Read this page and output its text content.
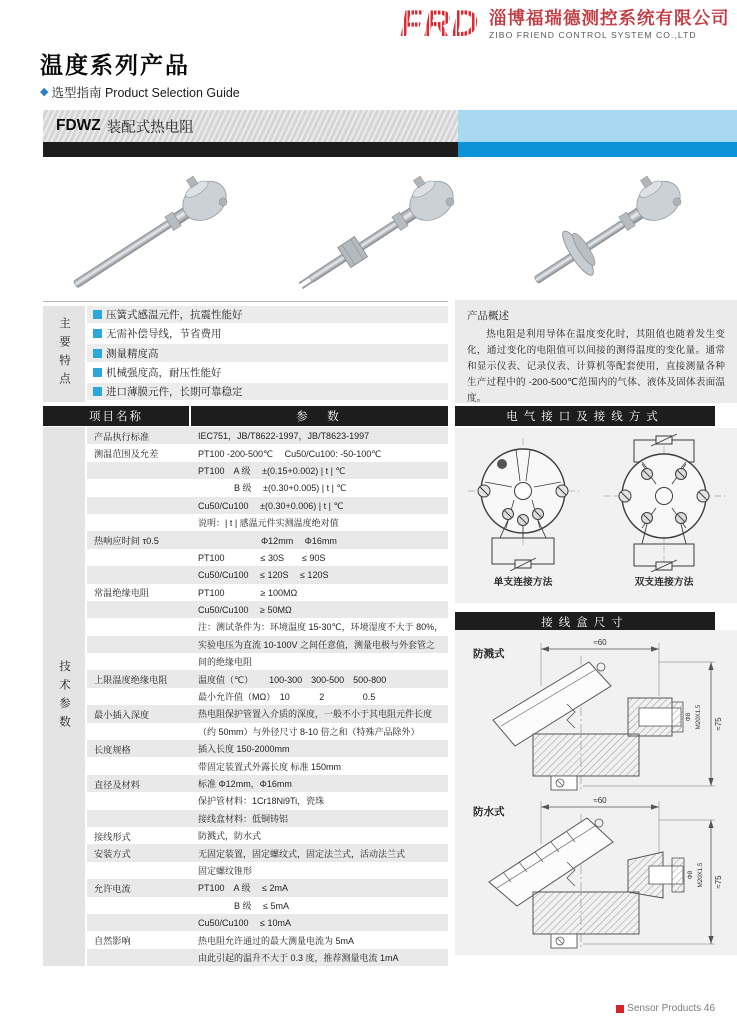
FRD 淄博福瑞德测控系统有限公司
ZIBO FRIEND CONTROL SYSTEM CO.,LTD
温度系列产品
◆ 选型指南 Product Selection Guide
FDWZ 装配式热电阻
主要特点
压簧式感温元件，抗震性能好
无需补偿导线，节省费用
测量精度高
机械强度高，耐压性能好
进口薄膜元件，长期可靠稳定
产品概述

热电阻是利用导体在温度变化时，其阻值也随着发生变化，通过变化的电阻值可以间接的测得温度的变化量。通常和显示仪表、记录仪表、计算机等配套使用，直接测量各种生产过程中的 -200-500℃范围内的气体、液体及固体表面温度。

项目名称	参　数
技术参数
产品执行标准	IEC751，JB/T8622-1997，JB/T8623-1997
测温范围及允差	PT100 -200-500℃　 Cu50/Cu100: -50-100℃
PT100　A 级　 ±(0.15+0.002) | t | ℃
　　　　B 级　 ±(0.30+0.005) | t | ℃
Cu50/Cu100　 ±(0.30+0.006) | t | ℃
说明：| t | 感温元件实测温度绝对值
热响应时间 τ0.5	　　　　　　　Φ12mm　 Φ16mm
PT100　　　　≤ 30S　　≤ 90S
Cu50/Cu100　 ≤ 120S　 ≤ 120S
常温绝缘电阻	PT100　　　　≥ 100MΩ
Cu50/Cu100　 ≥ 50MΩ
注：测试条件为：环境温度 15-30℃，环境湿度不大于 80%，
实验电压为直流 10-100V 之间任意值，测量电极与外套管之
间的绝缘电阻
上限温度绝缘电阻	温度值（℃）　　 100-300　300-500　500-800
最小允许值（MΩ）　10　　　 2　　　　 0.5
最小插入深度	热电阻保护管置入介质的深度，一般不小于其电阻元件长度
（约 50mm）与外径尺寸 8-10 倍之和（特殊产品除外）
长度规格	插入长度 150-2000mm
带固定装置式外露长度 标准 150mm
直径及材料	标准 Φ12mm，Φ16mm
保护管材料：1Cr18Ni9Ti，瓷珠
接线盒材料：低铜铸铝
接线形式	防溅式，防水式
安装方式	无固定装置，固定螺纹式，固定法兰式，活动法兰式
固定螺纹锥形
允许电流	PT100　A 级　 ≤ 2mA
　　　　B 级　 ≤ 5mA
Cu50/Cu100　 ≤ 10mA
自然影响	热电阻允许通过的最大测量电流为 5mA
由此引起的温升不大于 0.3 度，推荐测量电流 1mA
电气接口及接线方式
单支连接方法	双支连接方法
接线盒尺寸
防溅式
≈60
≈75
Φ8 M20X1.5
防水式
≈60
≈75
Φ8 M20X1.5
Sensor Products 46
